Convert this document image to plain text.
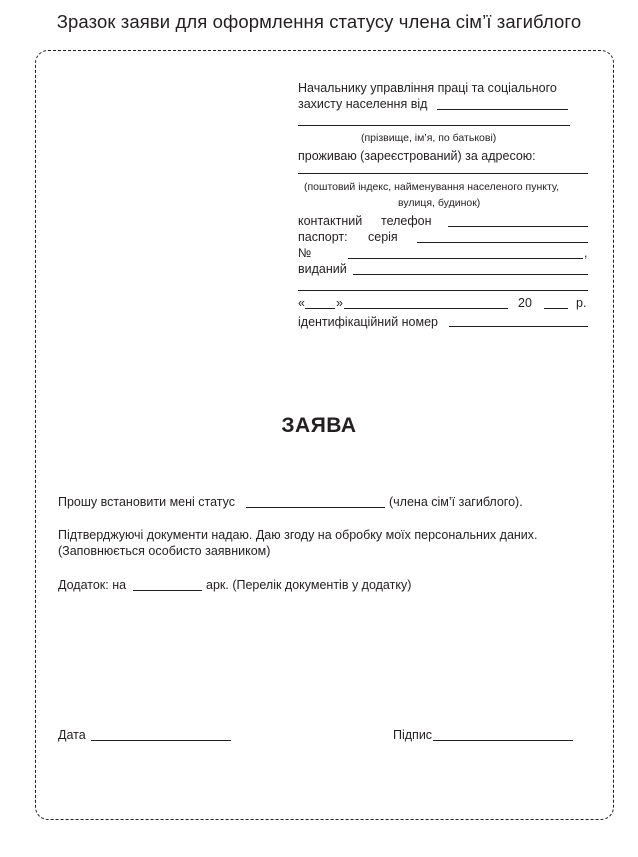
Зразок заяви для оформлення статусу члена сім’ї загиблого
Начальнику управління праці та соціального
захисту населення від
(прізвище, ім’я, по батькові)
проживаю (зареєстрований) за адресою:
(поштовий індекс, найменування населеного пункту,
вулиця, будинок)
контактний телефон
паспорт: серія
№	,
виданий
« »	20	р.
ідентифікаційний номер
ЗАЯВА
Прошу встановити мені статус	(члена сім’ї загиблого).
Підтверджуючі документи надаю. Даю згоду на обробку моїх персональних даних.
(Заповнюється особисто заявником)
Додаток: на	арк. (Перелік документів у додатку)
Дата	Підпис
